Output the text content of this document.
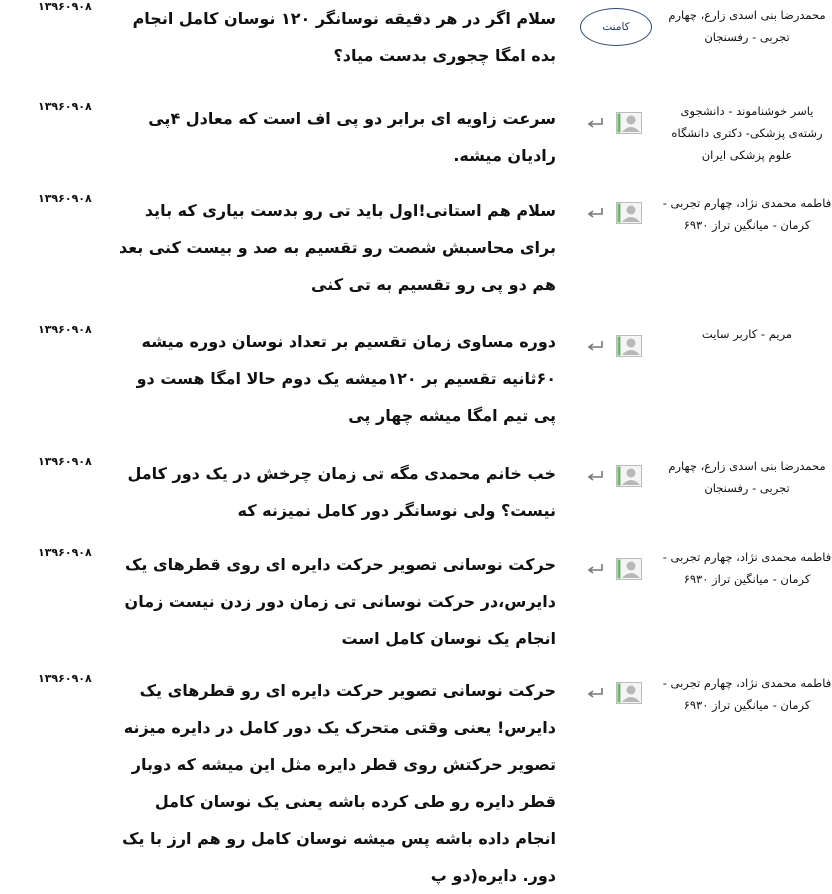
محمدرضا بنی اسدی زارع، چهارم
تجربی - رفسنجان
کامنت
سلام اگر در هر دقیقه نوسانگر ۱۲۰ نوسان کامل انجام بده امگا چجوری بدست میاد؟
۱۳۹۶۰۹۰۸
یاسر خوشناموند - دانشجوی
رشته‌ی پزشکی- دکتری دانشگاه
علوم پزشکی ایران
سرعت زاویه ای برابر دو پی اف است که معادل ۴پی رادیان میشه.
۱۳۹۶۰۹۰۸
فاطمه محمدی نژاد، چهارم تجربی -
کرمان - میانگین تراز ۶۹۳۰
سلام هم استانی!اول باید تی رو بدست بیاری که باید برای محاسبش شصت رو تقسیم به صد و بیست کنی بعد هم دو پی رو تقسیم به تی کنی
۱۳۹۶۰۹۰۸
مریم - کاربر سایت
دوره مساوی زمان تقسیم بر تعداد نوسان دوره میشه ۶۰ثانیه تقسیم بر ۱۲۰میشه یک دوم حالا امگا هست دو پی تیم امگا میشه چهار پی
۱۳۹۶۰۹۰۸
محمدرضا بنی اسدی زارع، چهارم
تجربی - رفسنجان
خب خانم محمدی مگه تی زمان چرخش در یک دور کامل نیست؟ ولی نوسانگر دور کامل نمیزنه که
۱۳۹۶۰۹۰۸
فاطمه محمدی نژاد، چهارم تجربی -
کرمان - میانگین تراز ۶۹۳۰
حرکت نوسانی تصویر حرکت دایره ای روی قطرهای یک دایرس،در حرکت نوسانی تی زمان دور زدن نیست زمان انجام یک نوسان کامل است
۱۳۹۶۰۹۰۸
فاطمه محمدی نژاد، چهارم تجربی -
کرمان - میانگین تراز ۶۹۳۰
حرکت نوسانی تصویر حرکت دایره ای رو قطرهای یک دایرس! یعنی وقتی متحرک یک دور کامل در دایره میزنه تصویر حرکتش روی قطر دایره مثل این میشه که دوبار قطر دایره رو طی کرده باشه یعنی یک نوسان کامل انجام داده باشه پس میشه نوسان کامل رو هم ارز با یک دور. دایره(دو پ
۱۳۹۶۰۹۰۸
